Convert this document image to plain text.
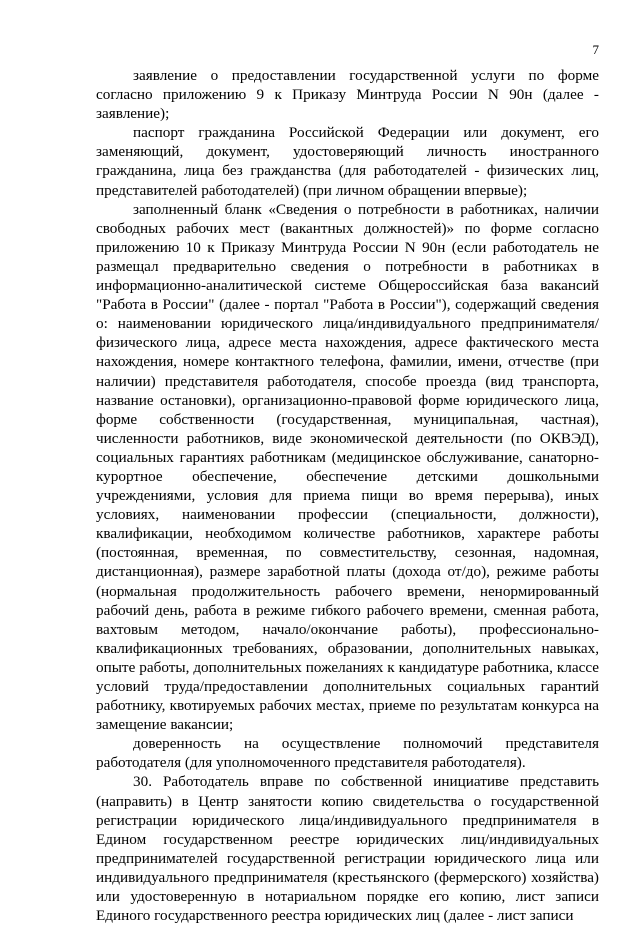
7

заявление о предоставлении государственной услуги по форме согласно приложению 9 к Приказу Минтруда России N 90н (далее - заявление);

паспорт гражданина Российской Федерации или документ, его заменяющий, документ, удостоверяющий личность иностранного гражданина, лица без гражданства (для работодателей - физических лиц, представителей работодателей) (при личном обращении впервые);

заполненный бланк «Сведения о потребности в работниках, наличии свободных рабочих мест (вакантных должностей)» по форме согласно приложению 10 к Приказу Минтруда России N 90н (если работодатель не размещал предварительно сведения о потребности в работниках в информационно-аналитической системе Общероссийская база вакансий "Работа в России" (далее - портал "Работа в России"), содержащий сведения о: наименовании юридического лица/индивидуального предпринимателя/физического лица, адресе места нахождения, адресе фактического места нахождения, номере контактного телефона, фамилии, имени, отчестве (при наличии) представителя работодателя, способе проезда (вид транспорта, название остановки), организационно-правовой форме юридического лица, форме собственности (государственная, муниципальная, частная), численности работников, виде экономической деятельности (по ОКВЭД), социальных гарантиях работникам (медицинское обслуживание, санаторно-курортное обеспечение, обеспечение детскими дошкольными учреждениями, условия для приема пищи во время перерыва), иных условиях, наименовании профессии (специальности, должности), квалификации, необходимом количестве работников, характере работы (постоянная, временная, по совместительству, сезонная, надомная, дистанционная), размере заработной платы (дохода от/до), режиме работы (нормальная продолжительность рабочего времени, ненормированный рабочий день, работа в режиме гибкого рабочего времени, сменная работа, вахтовым методом, начало/окончание работы), профессионально-квалификационных требованиях, образовании, дополнительных навыках, опыте работы, дополнительных пожеланиях к кандидатуре работника, классе условий труда/предоставлении дополнительных социальных гарантий работнику, квотируемых рабочих местах, приеме по результатам конкурса на замещение вакансии;

доверенность на осуществление полномочий представителя работодателя (для уполномоченного представителя работодателя).

30. Работодатель вправе по собственной инициативе представить (направить) в Центр занятости копию свидетельства о государственной регистрации юридического лица/индивидуального предпринимателя в Едином государственном реестре юридических лиц/индивидуальных предпринимателей государственной регистрации юридического лица или индивидуального предпринимателя (крестьянского (фермерского) хозяйства) или удостоверенную в нотариальном порядке его копию, лист записи Единого государственного реестра юридических лиц (далее - лист записи
